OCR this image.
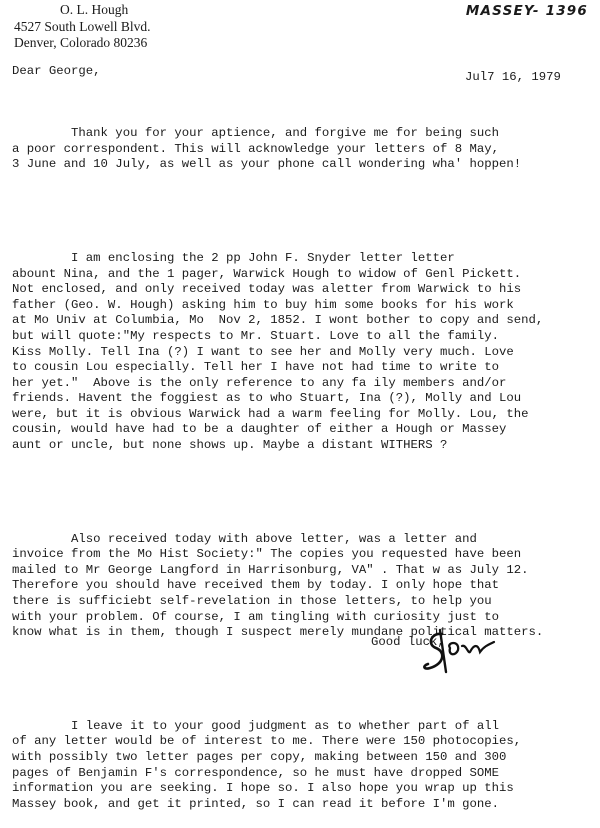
O. L. Hough
4527 South Lowell Blvd.
Denver, Colorado 80236
MASSEY- 1396
Dear George,	Jul7 16, 1979

Thank you for your aptience, and forgive me for being such
a poor correspondent. This will acknowledge your letters of 8 May,
3 June and 10 July, as well as your phone call wondering wha' hoppen!

I am enclosing the 2 pp John F. Snyder letter letter
abount Nina, and the 1 pager, Warwick Hough to widow of Genl Pickett.
Not enclosed, and only received today was aletter from Warwick to his
father (Geo. W. Hough) asking him to buy him some books for his work
at Mo Univ at Columbia, Mo  Nov 2, 1852. I wont bother to copy and send,
but will quote:"My respects to Mr. Stuart. Love to all the family.
Kiss Molly. Tell Ina (?) I want to see her and Molly very much. Love
to cousin Lou especially. Tell her I have not had time to write to
her yet."  Above is the only reference to any fa ily members and/or
friends. Havent the foggiest as to who Stuart, Ina (?), Molly and Lou
were, but it is obvious Warwick had a warm feeling for Molly. Lou, the
cousin, would have had to be a daughter of either a Hough or Massey
aunt or uncle, but none shows up. Maybe a distant WITHERS ?

Also received today with above letter, was a letter and
invoice from the Mo Hist Society:" The copies you requested have been
mailed to Mr George Langford in Harrisonburg, VA" . That w as July 12.
Therefore you should have received them by today. I only hope that
there is sufficiebt self-revelation in those letters, to help you
with your problem. Of course, I am tingling with curiosity just to
know what is in them, though I suspect merely mundane political matters.

I leave it to your good judgment as to whether part of all
of any letter would be of interest to me. There were 150 photocopies,
with possibly two letter pages per copy, making between 150 and 300
pages of Benjamin F's correspondence, so he must have dropped SOME
information you are seeking. I hope so. I also hope you wrap up this
Massey book, and get it printed, so I can read it before I'm gone.

Good luck,
